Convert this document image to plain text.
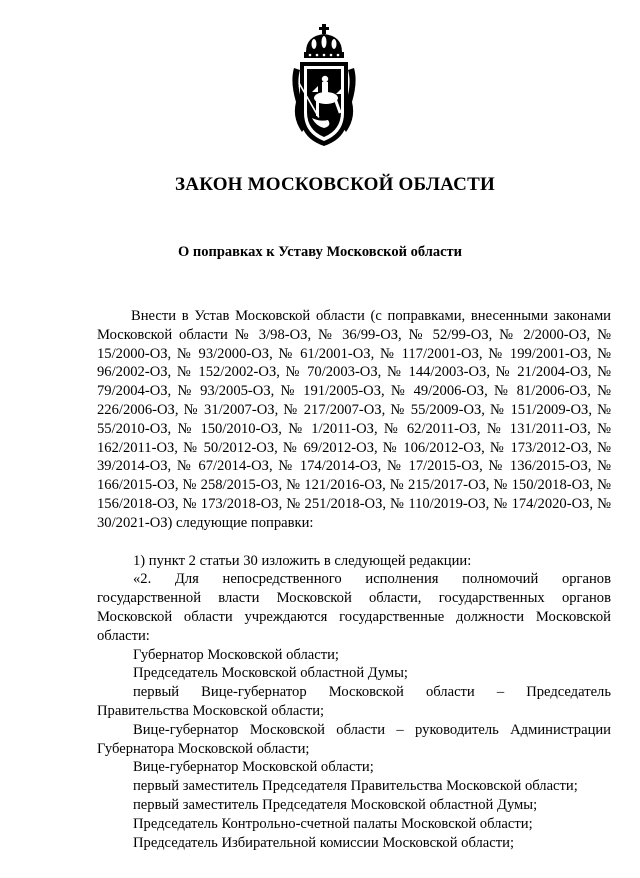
ЗАКОН МОСКОВСКОЙ ОБЛАСТИ
О поправках к Уставу Московской области

Внести в Устав Московской области (с поправками, внесенными законами Московской области № 3/98-ОЗ, № 36/99-ОЗ, № 52/99-ОЗ, № 2/2000-ОЗ, № 15/2000-ОЗ, № 93/2000-ОЗ, № 61/2001-ОЗ, № 117/2001-ОЗ, № 199/2001-ОЗ, № 96/2002-ОЗ, № 152/2002-ОЗ, № 70/2003-ОЗ, № 144/2003-ОЗ, № 21/2004-ОЗ, № 79/2004-ОЗ, № 93/2005-ОЗ, № 191/2005-ОЗ, № 49/2006-ОЗ, № 81/2006-ОЗ, № 226/2006-ОЗ, № 31/2007-ОЗ, № 217/2007-ОЗ, № 55/2009-ОЗ, № 151/2009-ОЗ, № 55/2010-ОЗ, № 150/2010-ОЗ, № 1/2011-ОЗ, № 62/2011-ОЗ, № 131/2011-ОЗ, № 162/2011-ОЗ, № 50/2012-ОЗ, № 69/2012-ОЗ, № 106/2012-ОЗ, № 173/2012-ОЗ, № 39/2014-ОЗ, № 67/2014-ОЗ, № 174/2014-ОЗ, № 17/2015-ОЗ, № 136/2015-ОЗ, № 166/2015-ОЗ, № 258/2015-ОЗ, № 121/2016-ОЗ, № 215/2017-ОЗ, № 150/2018-ОЗ, № 156/2018-ОЗ, № 173/2018-ОЗ, № 251/2018-ОЗ, № 110/2019-ОЗ, № 174/2020-ОЗ, № 30/2021-ОЗ) следующие поправки:

1) пункт 2 статьи 30 изложить в следующей редакции:

«2. Для непосредственного исполнения полномочий органов государственной власти Московской области, государственных органов Московской области учреждаются государственные должности Московской области:

Губернатор Московской области;

Председатель Московской областной Думы;

первый Вице-губернатор Московской области – Председатель Правительства Московской области;

Вице-губернатор Московской области – руководитель Администрации Губернатора Московской области;

Вице-губернатор Московской области;

первый заместитель Председателя Правительства Московской области;

первый заместитель Председателя Московской областной Думы;

Председатель Контрольно-счетной палаты Московской области;

Председатель Избирательной комиссии Московской области;
